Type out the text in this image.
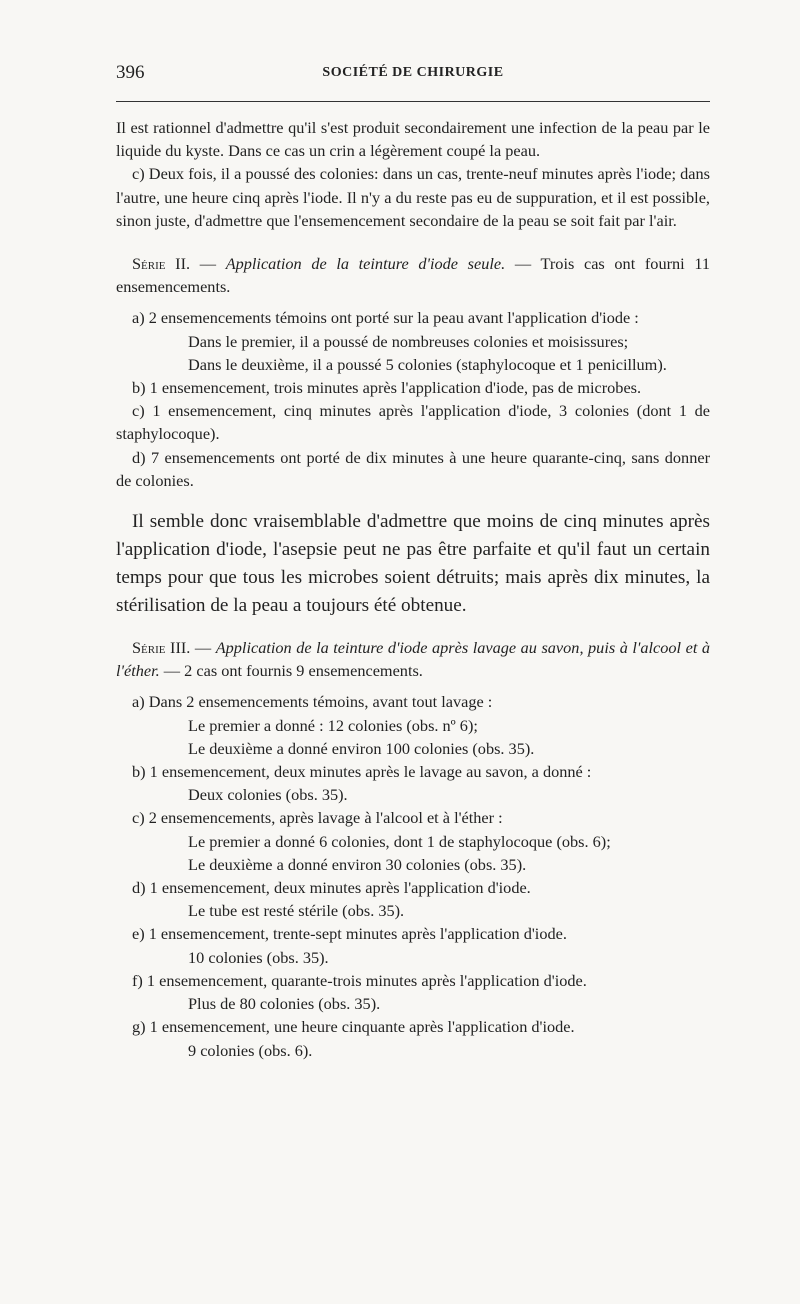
396	SOCIÉTÉ DE CHIRURGIE

Il est rationnel d'admettre qu'il s'est produit secondairement une infection de la peau par le liquide du kyste. Dans ce cas un crin a légèrement coupé la peau.

c) Deux fois, il a poussé des colonies: dans un cas, trente-neuf minutes après l'iode; dans l'autre, une heure cinq après l'iode. Il n'y a du reste pas eu de suppuration, et il est possible, sinon juste, d'admettre que l'ensemencement secondaire de la peau se soit fait par l'air.

Série II. — Application de la teinture d'iode seule. — Trois cas ont fourni 11 ensemencements.

a) 2 ensemencements témoins ont porté sur la peau avant l'application d'iode :

Dans le premier, il a poussé de nombreuses colonies et moisissures;

Dans le deuxième, il a poussé 5 colonies (staphylocoque et 1 penicillum).

b) 1 ensemencement, trois minutes après l'application d'iode, pas de microbes.

c) 1 ensemencement, cinq minutes après l'application d'iode, 3 colonies (dont 1 de staphylocoque).

d) 7 ensemencements ont porté de dix minutes à une heure quarante-cinq, sans donner de colonies.

Il semble donc vraisemblable d'admettre que moins de cinq minutes après l'application d'iode, l'asepsie peut ne pas être parfaite et qu'il faut un certain temps pour que tous les microbes soient détruits; mais après dix minutes, la stérilisation de la peau a toujours été obtenue.

Série III. — Application de la teinture d'iode après lavage au savon, puis à l'alcool et à l'éther. — 2 cas ont fournis 9 ensemencements.

a) Dans 2 ensemencements témoins, avant tout lavage :

Le premier a donné : 12 colonies (obs. nº 6);

Le deuxième a donné environ 100 colonies (obs. 35).

b) 1 ensemencement, deux minutes après le lavage au savon, a donné :

Deux colonies (obs. 35).

c) 2 ensemencements, après lavage à l'alcool et à l'éther :

Le premier a donné 6 colonies, dont 1 de staphylocoque (obs. 6);

Le deuxième a donné environ 30 colonies (obs. 35).

d) 1 ensemencement, deux minutes après l'application d'iode.

Le tube est resté stérile (obs. 35).

e) 1 ensemencement, trente-sept minutes après l'application d'iode.

10 colonies (obs. 35).

f) 1 ensemencement, quarante-trois minutes après l'application d'iode.

Plus de 80 colonies (obs. 35).

g) 1 ensemencement, une heure cinquante après l'application d'iode.

9 colonies (obs. 6).
